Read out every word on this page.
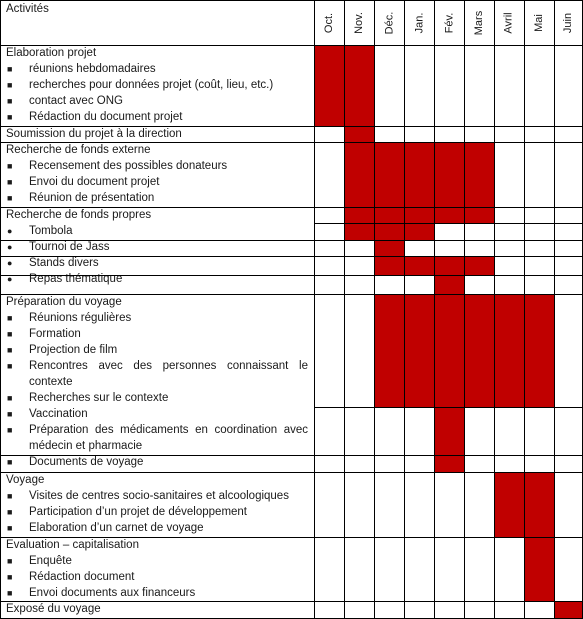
Activités
Oct. Nov. Déc. Jan. Fév. Mars Avril Mai Juin
Elaboration projet
■ réunions hebdomadaires
■ recherches pour données projet (coût, lieu, etc.)
■ contact avec ONG
■ Rédaction du document projet
Soumission du projet à la direction
Recherche de fonds externe
■ Recensement des possibles donateurs
■ Envoi du document projet
■ Réunion de présentation
Recherche de fonds propres
● Tombola
● Tournoi de Jass
● Stands divers
● Repas thématique
Préparation du voyage
■ Réunions régulières
■ Formation
■ Projection de film
■ Rencontres avec des personnes connaissant le contexte
■ Recherches sur le contexte
■ Vaccination
■ Préparation des médicaments en coordination avec médecin et pharmacie
■ Documents de voyage
Voyage
■ Visites de centres socio-sanitaires et alcoologiques
■ Participation d’un projet de développement
■ Elaboration d’un carnet de voyage
Evaluation – capitalisation
■ Enquête
■ Rédaction document
■ Envoi documents aux financeurs
Exposé du voyage
